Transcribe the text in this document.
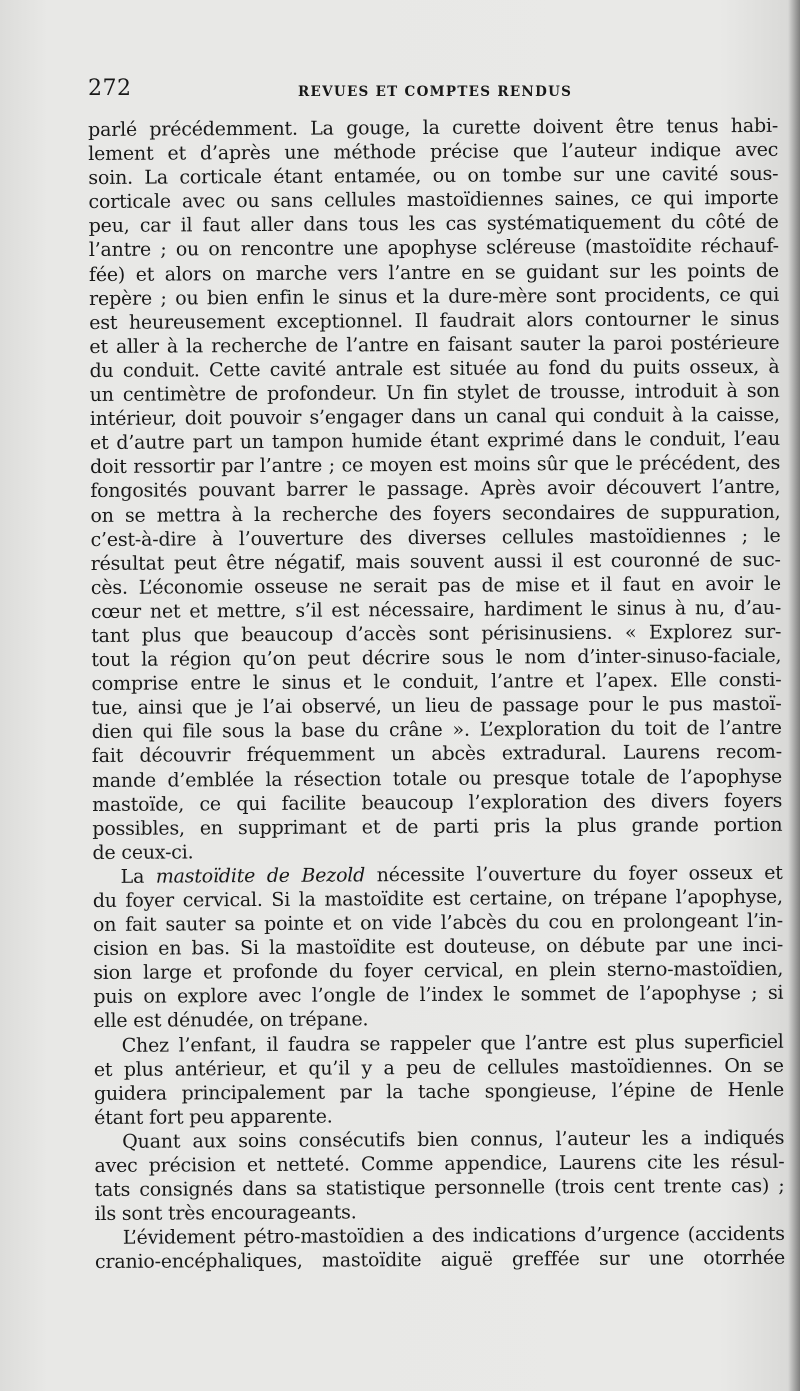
272	REVUES ET COMPTES RENDUS
parlé précédemment. La gouge, la curette doivent être tenus habi-
lement et d’après une méthode précise que l’auteur indique avec
soin. La corticale étant entamée, ou on tombe sur une cavité sous-
corticale avec ou sans cellules mastoïdiennes saines, ce qui importe
peu, car il faut aller dans tous les cas systématiquement du côté de
l’antre ; ou on rencontre une apophyse scléreuse (mastoïdite réchauf-
fée) et alors on marche vers l’antre en se guidant sur les points de
repère ; ou bien enfin le sinus et la dure-mère sont procidents, ce qui
est heureusement exceptionnel. Il faudrait alors contourner le sinus
et aller à la recherche de l’antre en faisant sauter la paroi postérieure
du conduit. Cette cavité antrale est située au fond du puits osseux, à
un centimètre de profondeur. Un fin stylet de trousse, introduit à son
intérieur, doit pouvoir s’engager dans un canal qui conduit à la caisse,
et d’autre part un tampon humide étant exprimé dans le conduit, l’eau
doit ressortir par l’antre ; ce moyen est moins sûr que le précédent, des
fongosités pouvant barrer le passage. Après avoir découvert l’antre,
on se mettra à la recherche des foyers secondaires de suppuration,
c’est-à-dire à l’ouverture des diverses cellules mastoïdiennes ; le
résultat peut être négatif, mais souvent aussi il est couronné de suc-
cès. L’économie osseuse ne serait pas de mise et il faut en avoir le
cœur net et mettre, s’il est nécessaire, hardiment le sinus à nu, d’au-
tant plus que beaucoup d’accès sont périsinusiens. « Explorez sur-
tout la région qu’on peut décrire sous le nom d’inter-sinuso-faciale,
comprise entre le sinus et le conduit, l’antre et l’apex. Elle consti-
tue, ainsi que je l’ai observé, un lieu de passage pour le pus mastoï-
dien qui file sous la base du crâne ». L’exploration du toit de l’antre
fait découvrir fréquemment un abcès extradural. Laurens recom-
mande d’emblée la résection totale ou presque totale de l’apophyse
mastoïde, ce qui facilite beaucoup l’exploration des divers foyers
possibles, en supprimant et de parti pris la plus grande portion
de ceux-ci.
La mastoïdite de Bezold nécessite l’ouverture du foyer osseux et
du foyer cervical. Si la mastoïdite est certaine, on trépane l’apophyse,
on fait sauter sa pointe et on vide l’abcès du cou en prolongeant l’in-
cision en bas. Si la mastoïdite est douteuse, on débute par une inci-
sion large et profonde du foyer cervical, en plein sterno-mastoïdien,
puis on explore avec l’ongle de l’index le sommet de l’apophyse ; si
elle est dénudée, on trépane.
Chez l’enfant, il faudra se rappeler que l’antre est plus superficiel
et plus antérieur, et qu’il y a peu de cellules mastoïdiennes. On se
guidera principalement par la tache spongieuse, l’épine de Henle
étant fort peu apparente.
Quant aux soins consécutifs bien connus, l’auteur les a indiqués
avec précision et netteté. Comme appendice, Laurens cite les résul-
tats consignés dans sa statistique personnelle (trois cent trente cas) ;
ils sont très encourageants.
L’évidement pétro-mastoïdien a des indications d’urgence (accidents
cranio-encéphaliques, mastoïdite aiguë greffée sur une otorrhée
